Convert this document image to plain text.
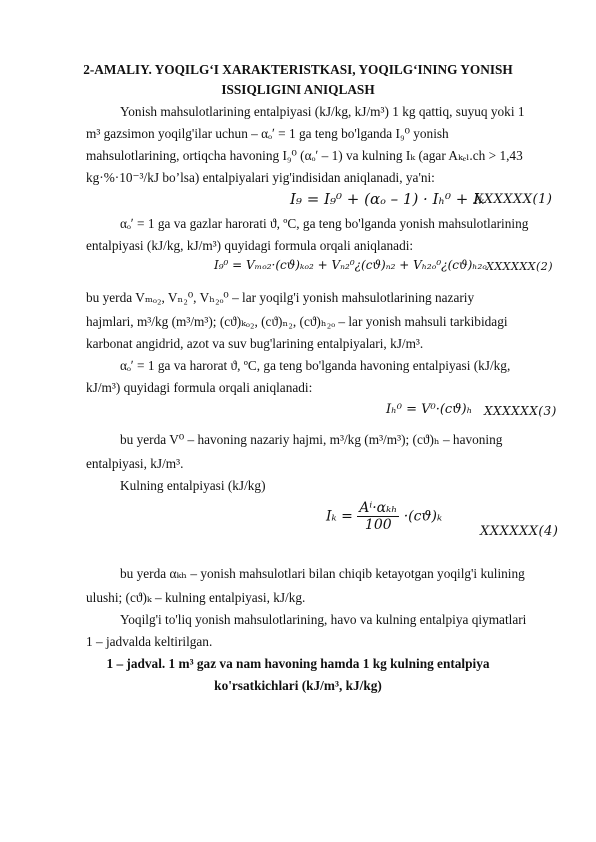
2-AMALIY. YOQILG‘I XARAKTERISTKASI, YOQILG‘INING YONISH
ISSIQLIGINI ANIQLASH
Yonish mahsulotlarining entalpiyasi (kJ/kg, kJ/m³) 1 kg qattiq, suyuq yoki 1
m³ gazsimon yoqilg'ilar uchun – αₒʹ = 1 ga teng bo'lganda I₉⁰ yonish
mahsulotlarining, ortiqcha havoning I₉⁰ (αₒʹ – 1) va kulning Iₖ (agar Aₖₑₗ.ch > 1,43
kg·%·10⁻³/kJ bo’lsa) entalpiyalari yig'indisidan aniqlanadi, ya'ni:
I₉ = I₉⁰ + (αₒ – 1) · Iₕ⁰ + Iₖ
XXXXXX(1)
αₒʹ = 1 ga va gazlar harorati ϑ, ºC, ga teng bo'lganda yonish mahsulotlarining
entalpiyasi (kJ/kg, kJ/m³) quyidagi formula orqali aniqlanadi:
I₉⁰ = Vₘₒ₂·(cϑ)ₖₒ₂ + Vₙ₂⁰¿(cϑ)ₙ₂ + Vₕ₂ₒ⁰¿(cϑ)ₕ₂ₒ XXXXXX(2)
bu yerda Vₘₒ₂, Vₙ₂⁰, Vₕ₂ₒ⁰ – lar yoqilg'i yonish mahsulotlarining nazariy
hajmlari, m³/kg (m³/m³); (cϑ)ₖₒ₂, (cϑ)ₙ₂, (cϑ)ₕ₂ₒ – lar yonish mahsuli tarkibidagi
karbonat angidrid, azot va suv bug'larining entalpiyalari, kJ/m³.
αₒʹ = 1 ga va harorat ϑ, ºC, ga teng bo'lganda havoning entalpiyasi (kJ/kg,
kJ/m³) quyidagi formula orqali aniqlanadi:
Iₕ⁰ = V⁰·(cϑ)ₕ XXXXXX(3)
bu yerda V⁰ – havoning nazariy hajmi, m³/kg (m³/m³); (cϑ)ₕ – havoning
entalpiyasi, kJ/m³.
Kulning entalpiyasi (kJ/kg)
$I_k = \frac{\text{Aⁱ·αₖₕ}}{100} \cdot(cϑ)_k$
XXXXXX(4)
bu yerda αₖₕ – yonish mahsulotlari bilan chiqib ketayotgan yoqilg'i kulining
ulushi; (cϑ)ₖ – kulning entalpiyasi, kJ/kg.
Yoqilg'i to'liq yonish mahsulotlarining, havo va kulning entalpiya qiymatlari
1 – jadvalda keltirilgan.
1 – jadval. 1 m³ gaz va nam havoning hamda 1 kg kulning entalpiya
ko'rsatkichlari (kJ/m³, kJ/kg)
